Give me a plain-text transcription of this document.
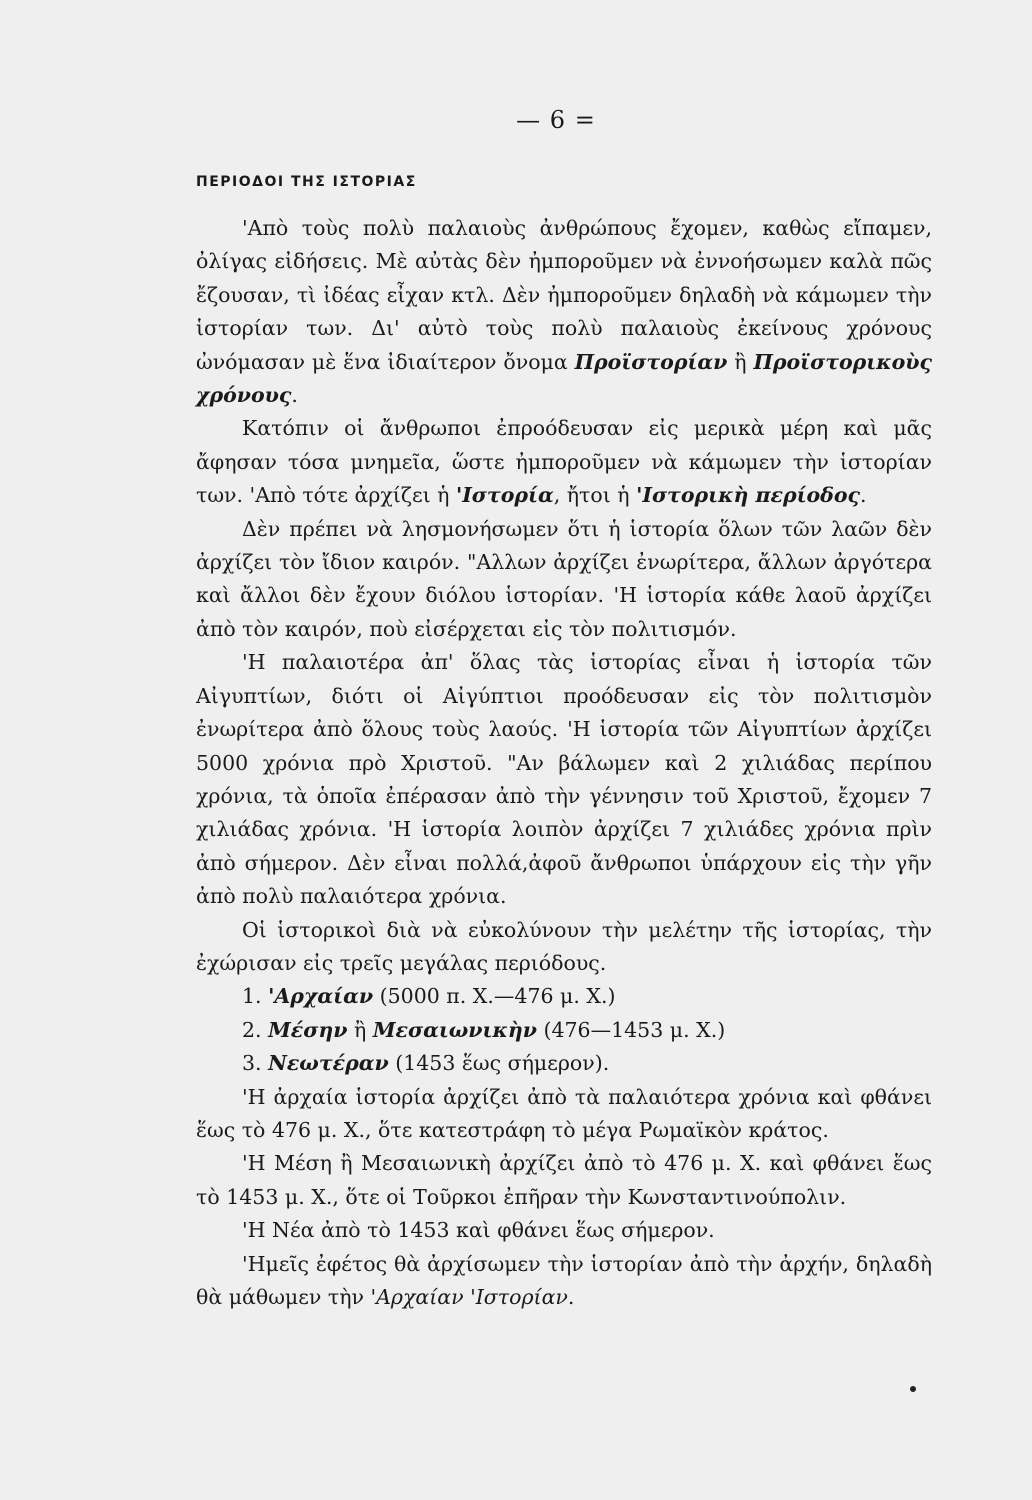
— 6 =
ΠΕΡΙΟΔΟΙ ΤΗΣ ΙΣΤΟΡΙΑΣ

'Απὸ τοὺς πολὺ παλαιοὺς ἀνθρώπους ἔχομεν, καθὼς εἴπαμεν, ὀλίγας εἰδήσεις. Μὲ αὐτὰς δὲν ἠμποροῦμεν νὰ ἐννοήσωμεν καλὰ πῶς ἔζουσαν, τὶ ἰδέας εἶχαν κτλ. Δὲν ἠμποροῦμεν δηλαδὴ νὰ κάμωμεν τὴν ἱστορίαν των. Δι' αὐτὸ τοὺς πολὺ παλαιοὺς ἐκείνους χρόνους ὠνόμασαν μὲ ἕνα ἰδιαίτερον ὄνομα Προϊστορίαν ἢ Προϊστορικοὺς χρόνους.

Κατόπιν οἱ ἄνθρωποι ἐπροόδευσαν εἰς μερικὰ μέρη καὶ μᾶς ἄφησαν τόσα μνημεῖα, ὥστε ἠμποροῦμεν νὰ κάμωμεν τὴν ἱστορίαν των. 'Απὸ τότε ἀρχίζει ἡ 'Ιστορία, ἤτοι ἡ 'Ιστορικὴ περίοδος.

Δὲν πρέπει νὰ λησμονήσωμεν ὅτι ἡ ἱστορία ὅλων τῶν λαῶν δὲν ἀρχίζει τὸν ἴδιον καιρόν. "Αλλων ἀρχίζει ἐνωρίτερα, ἄλλων ἀργότερα καὶ ἄλλοι δὲν ἔχουν διόλου ἱστορίαν. 'Η ἱστορία κάθε λαοῦ ἀρχίζει ἀπὸ τὸν καιρόν, ποὺ εἰσέρχεται εἰς τὸν πολιτισμόν.

'Η παλαιοτέρα ἀπ' ὅλας τὰς ἱστορίας εἶναι ἡ ἱστορία τῶν Αἰγυπτίων, διότι οἱ Αἰγύπτιοι προόδευσαν εἰς τὸν πολιτισμὸν ἐνωρίτερα ἀπὸ ὅλους τοὺς λαούς. 'Η ἱστορία τῶν Αἰγυπτίων ἀρχίζει 5000 χρόνια πρὸ Χριστοῦ. "Αν βάλωμεν καὶ 2 χιλιάδας περίπου χρόνια, τὰ ὁποῖα ἐπέρασαν ἀπὸ τὴν γέννησιν τοῦ Χριστοῦ, ἔχομεν 7 χιλιάδας χρόνια. 'Η ἱστορία λοιπὸν ἀρχίζει 7 χιλιάδες χρόνια πρὶν ἀπὸ σήμερον. Δὲν εἶναι πολλά,ἀφοῦ ἄνθρωποι ὑπάρχουν εἰς τὴν γῆν ἀπὸ πολὺ παλαιότερα χρόνια.

Οἱ ἱστορικοὶ διὰ νὰ εὐκολύνουν τὴν μελέτην τῆς ἱστορίας, τὴν ἐχώρισαν εἰς τρεῖς μεγάλας περιόδους.

1. 'Αρχαίαν (5000 π. Χ.—476 μ. Χ.)

2. Μέσην ἢ Μεσαιωνικὴν (476—1453 μ. Χ.)

3. Νεωτέραν (1453 ἕως σήμερον).

'Η ἀρχαία ἱστορία ἀρχίζει ἀπὸ τὰ παλαιότερα χρόνια καὶ φθάνει ἕως τὸ 476 μ. Χ., ὅτε κατεστράφη τὸ μέγα Ρωμαϊκὸν κράτος.

'Η Μέση ἢ Μεσαιωνικὴ ἀρχίζει ἀπὸ τὸ 476 μ. Χ. καὶ φθάνει ἕως τὸ 1453 μ. Χ., ὅτε οἱ Τοῦρκοι ἐπῆραν τὴν Κωνσταντινούπολιν.

'Η Νέα ἀπὸ τὸ 1453 καὶ φθάνει ἕως σήμερον.

'Ημεῖς ἐφέτος θὰ ἀρχίσωμεν τὴν ἱστορίαν ἀπὸ τὴν ἀρχήν, δηλαδὴ θὰ μάθωμεν τὴν 'Αρχαίαν 'Ιστορίαν.
